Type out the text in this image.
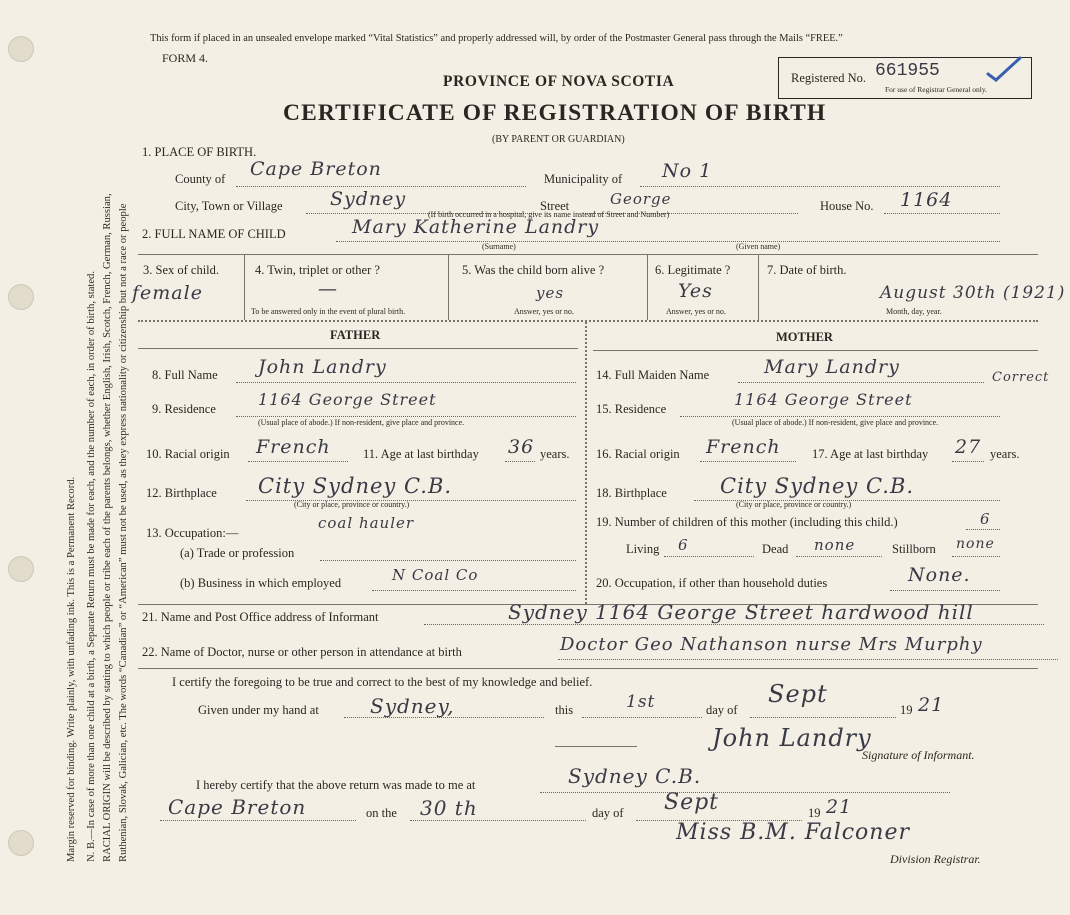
Margin reserved for binding. Write plainly, with unfading ink. This is a Permanent Record. N. B.—In case of more than one child at a birth, a Separate Return must be made for each, and the number of each, in order of birth, stated. RACIAL ORIGIN will be described by stating to which people or tribe each of the parents belongs, whether English, Irish, Scotch, French, German, Russian, Ruthenian, Slovak, Galician, etc. The words “Canadian” or “American” must not be used, as they express nationality or citizenship but not a race or people
This form if placed in an unsealed envelope marked “Vital Statistics” and properly addressed will, by order of the Postmaster General pass through the Mails “FREE.”
FORM 4.
PROVINCE OF NOVA SCOTIA
CERTIFICATE OF REGISTRATION OF BIRTH
(BY PARENT OR GUARDIAN)
Registered No. 661955
For use of Registrar General only.
1. PLACE OF BIRTH.
County of Cape Breton	Municipality of No 1
City, Town or Village Sydney	Street	George
(If birth occurred in a hospital, give its name instead of Street and Number)
House No. 1164
2. FULL NAME OF CHILD	Mary Katherine Landry
(Surname)	(Given name)
3. Sex of child.
female
4. Twin, triplet or other ?
—
To be answered only in the event of plural birth.
5. Was the child born alive ?
yes
Answer, yes or no.
6. Legitimate ?
Yes
Answer, yes or no.
7. Date of birth.
August 30th (1921)
Month, day, year.
FATHER	MOTHER
8. Full Name John Landry
9. Residence	1164 George Street
(Usual place of abode.) If non-resident, give place and province.
10. Racial origin French	11. Age at last birthday 36 years.
12. Birthplace City Sydney C.B.
(City or place, province or country.)
13. Occupation:—
coal hauler
(a) Trade or profession
(b) Business in which employed	N Coal Co
14. Full Maiden Name	Mary Landry	Correct
15. Residence	1164 George Street
(Usual place of abode.) If non-resident, give place and province.
16. Racial origin French	17. Age at last birthday 27 years.
18. Birthplace	City Sydney C.B.
(City or place, province or country.)
19. Number of children of this mother (including this child.)	6
Living 6	Dead none	Stillborn none
20. Occupation, if other than household duties	None.
21. Name and Post Office address of Informant	Sydney 1164 George Street hardwood hill
22. Name of Doctor, nurse or other person in attendance at birth	Doctor Geo Nathanson nurse Mrs Murphy
I certify the foregoing to be true and correct to the best of my knowledge and belief.
Given under my hand at	Sydney,	this	1st	day of
Sept
19 21
John Landry
Signature of Informant.
I hereby certify that the above return was made to me at	Sydney C.B.
Cape Breton	on the 30 th	day of Sept	19 21
Miss B.M. Falconer
Division Registrar.
